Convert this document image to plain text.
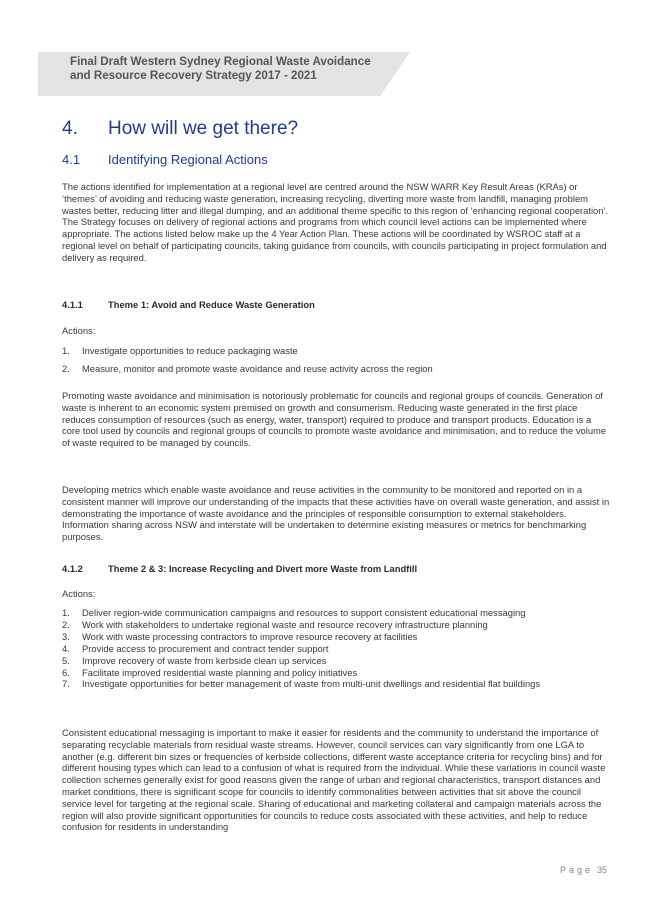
Final Draft Western Sydney Regional Waste Avoidance
and Resource Recovery Strategy 2017 - 2021
4. How will we get there?
4.1 Identifying Regional Actions
The actions identified for implementation at a regional level are centred around the NSW WARR Key Result Areas (KRAs) or ‘themes’ of avoiding and reducing waste generation, increasing recycling, diverting more waste from landfill, managing problem wastes better, reducing litter and illegal dumping, and an additional theme specific to this region of ‘enhancing regional cooperation’. The Strategy focuses on delivery of regional actions and programs from which council level actions can be implemented where appropriate. The actions listed below make up the 4 Year Action Plan. These actions will be coordinated by WSROC staff at a regional level on behalf of participating councils, taking guidance from councils, with councils participating in project formulation and delivery as required.
4.1.1	Theme 1: Avoid and Reduce Waste Generation
Actions:
1. Investigate opportunities to reduce packaging waste
2. Measure, monitor and promote waste avoidance and reuse activity across the region
Promoting waste avoidance and minimisation is notoriously problematic for councils and regional groups of councils. Generation of waste is inherent to an economic system premised on growth and consumerism. Reducing waste generated in the first place reduces consumption of resources (such as energy, water, transport) required to produce and transport products. Education is a core tool used by councils and regional groups of councils to promote waste avoidance and minimisation, and to reduce the volume of waste required to be managed by councils.
Developing metrics which enable waste avoidance and reuse activities in the community to be monitored and reported on in a consistent manner will improve our understanding of the impacts that these activities have on overall waste generation, and assist in demonstrating the importance of waste avoidance and the principles of responsible consumption to external stakeholders. Information sharing across NSW and interstate will be undertaken to determine existing measures or metrics for benchmarking purposes.
4.1.2	Theme 2 & 3: Increase Recycling and Divert more Waste from Landfill
Actions:
1. Deliver region-wide communication campaigns and resources to support consistent educational messaging
2. Work with stakeholders to undertake regional waste and resource recovery infrastructure planning
3. Work with waste processing contractors to improve resource recovery at facilities
4. Provide access to procurement and contract tender support
5. Improve recovery of waste from kerbside clean up services
6. Facilitate improved residential waste planning and policy initiatives
7. Investigate opportunities for better management of waste from multi-unit dwellings and residential flat buildings
Consistent educational messaging is important to make it easier for residents and the community to understand the importance of separating recyclable materials from residual waste streams. However, council services can vary significantly from one LGA to another (e.g. different bin sizes or frequencies of kerbside collections, different waste acceptance criteria for recycling bins) and for different housing types which can lead to a confusion of what is required from the individual. While these variations in council waste collection schemes generally exist for good reasons given the range of urban and regional characteristics, transport distances and market conditions, there is significant scope for councils to identify commonalities between activities that sit above the council service level for targeting at the regional scale. Sharing of educational and marketing collateral and campaign materials across the region will also provide significant opportunities for councils to reduce costs associated with these activities, and help to reduce confusion for residents in understanding
Page 35
